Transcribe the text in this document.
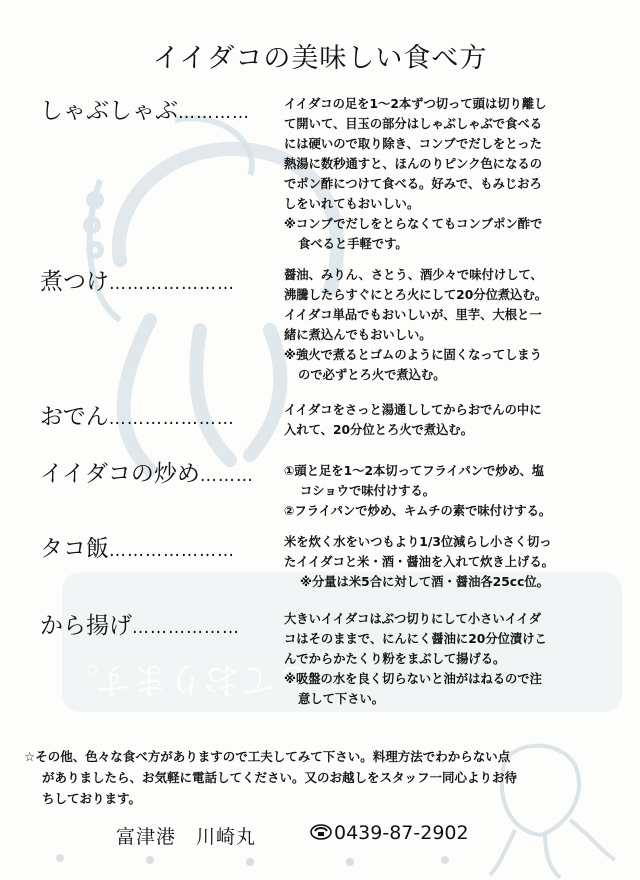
しております。
イイダコの美味しい食べ方
しゃぶしゃぶ…………	イイダコの足を1～2本ずつ切って頭は切り離し
て開いて、目玉の部分はしゃぶしゃぶで食べる
には硬いので取り除き、コンブでだしをとった
熱湯に数秒通すと、ほんのりピンク色になるの
でポン酢につけて食べる。好みで、もみじおろ
しをいれてもおいしい。
※コンブでだしをとらなくてもコンブポン酢で
食べると手軽です。
煮つけ…………………	醤油、みりん、さとう、酒少々で味付けして、
沸騰したらすぐにとろ火にして20分位煮込む。
イイダコ単品でもおいしいが、里芋、大根と一
緒に煮込んでもおいしい。
※強火で煮るとゴムのように固くなってしまう
ので必ずとろ火で煮込む。
おでん…………………	イイダコをさっと湯通ししてからおでんの中に
入れて、20分位とろ火で煮込む。
イイダコの炒め……… ①頭と足を1～2本切ってフライパンで炒め、塩
コショウで味付けする。
②フライパンで炒め、キムチの素で味付けする。
タコ飯…………………	米を炊く水をいつもより1/3位減らし小さく切っ
たイイダコと米・酒・醤油を入れて炊き上げる。
※分量は米5合に対して酒・醤油各25cc位。
から揚げ………………	大きいイイダコはぶつ切りにして小さいイイダ
コはそのままで、にんにく醤油に20分位漬けこ
んでからかたくり粉をまぶして揚げる。
※吸盤の水を良く切らないと油がはねるので注
意して下さい。
☆その他、色々な食べ方がありますので工夫してみて下さい。料理方法でわからない点
がありましたら、お気軽に電話してください。又のお越しをスタッフ一同心よりお待
ちしております。
富津港　川崎丸	0439-87-2902
